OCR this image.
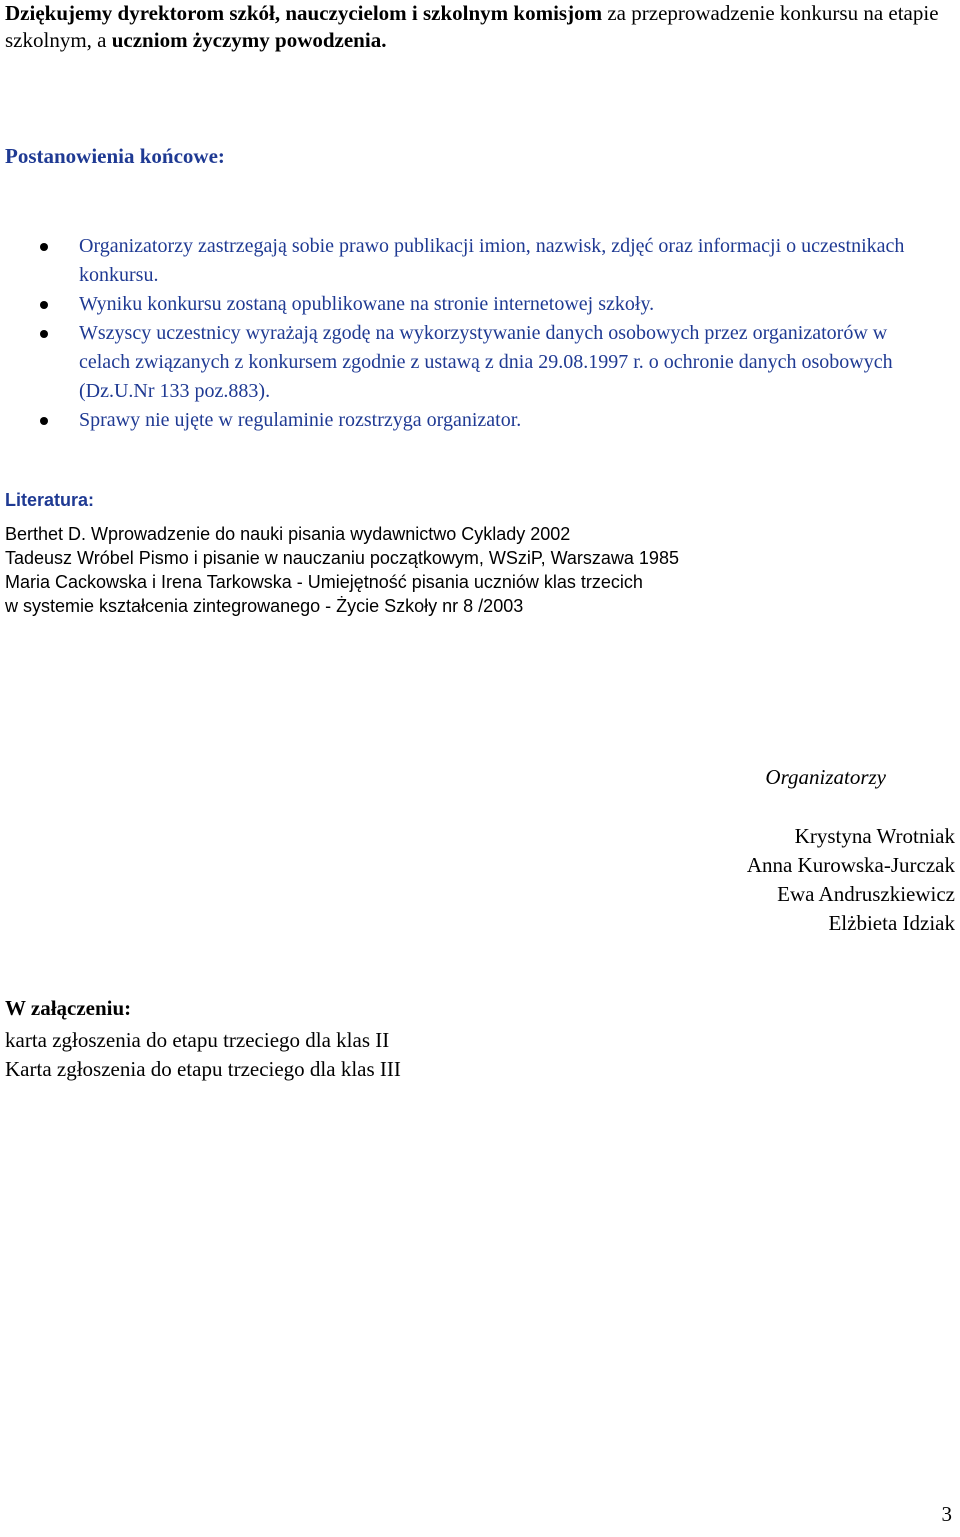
Dziękujemy dyrektorom szkół, nauczycielom i szkolnym komisjom za przeprowadzenie konkursu na etapie szkolnym, a uczniom życzymy powodzenia.
Postanowienia końcowe:
Organizatorzy zastrzegają sobie prawo publikacji imion, nazwisk, zdjęć oraz informacji o uczestnikach konkursu.
Wyniku konkursu zostaną opublikowane na stronie internetowej szkoły.
Wszyscy uczestnicy wyrażają zgodę na wykorzystywanie danych osobowych przez organizatorów w celach związanych z konkursem zgodnie z ustawą z dnia 29.08.1997 r. o ochronie danych osobowych (Dz.U.Nr 133 poz.883).
Sprawy nie ujęte w regulaminie rozstrzyga organizator.
Literatura:
Berthet D. Wprowadzenie do nauki pisania wydawnictwo Cyklady 2002
Tadeusz Wróbel Pismo i pisanie w nauczaniu początkowym, WSziP, Warszawa 1985
Maria Cackowska i Irena Tarkowska - Umiejętność pisania uczniów klas trzecich
w systemie kształcenia zintegrowanego - Życie Szkoły nr 8 /2003
Organizatorzy
Krystyna Wrotniak
Anna Kurowska-Jurczak
Ewa Andruszkiewicz
Elżbieta Idziak
W załączeniu:
karta zgłoszenia do etapu trzeciego dla klas II
Karta zgłoszenia do etapu trzeciego dla klas III
3
